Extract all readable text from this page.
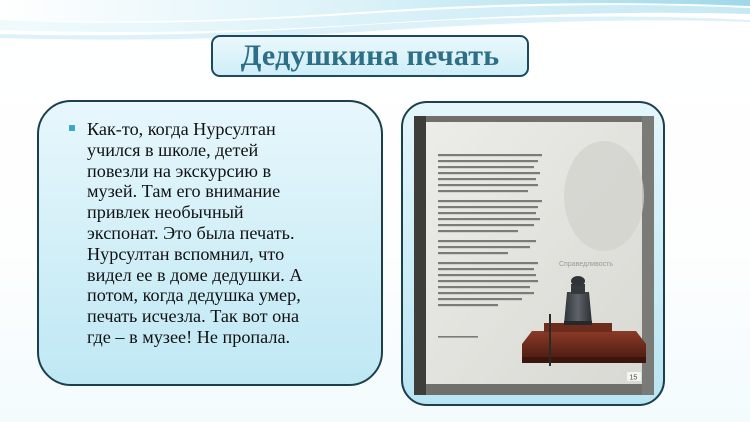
Дедушкина печать

Как-то, когда Нурсултан
учился в школе, детей
повезли на экскурсию в
музей. Там его внимание
привлек необычный
экспонат. Это была печать.
Нурсултан вспомнил, что
видел ее в доме дедушки. А
потом, когда дедушка умер,
печать исчезла. Так вот она
где – в музее! Не пропала.

Справедливость
15
